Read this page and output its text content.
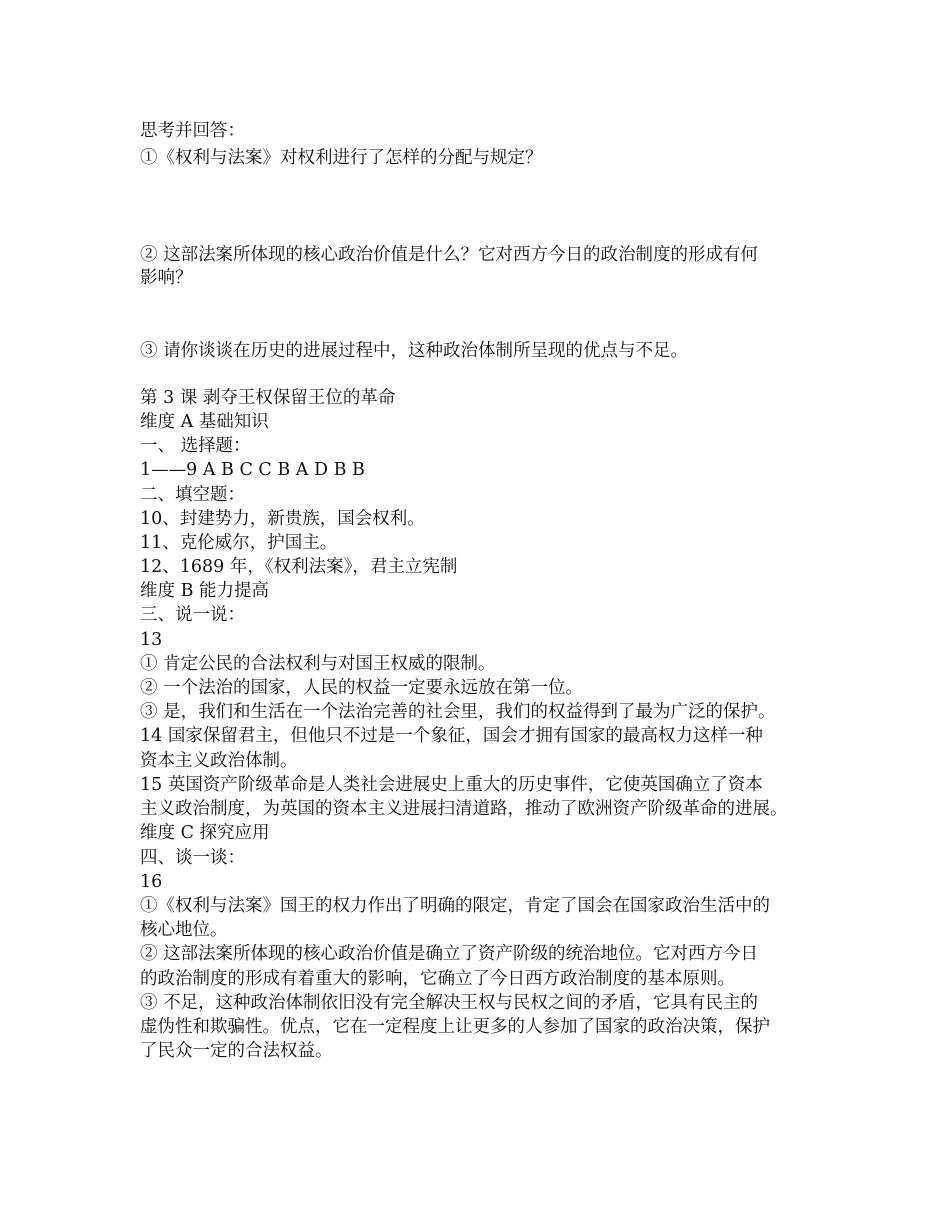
思考并回答：
①《权利与法案》对权利进行了怎样的分配与规定？
② 这部法案所体现的核心政治价值是什么？它对西方今日的政治制度的形成有何
影响？
③ 请你谈谈在历史的进展过程中，这种政治体制所呈现的优点与不足。
第 3 课 剥夺王权保留王位的革命
维度 A 基础知识
一、 选择题：
1——9 A B C C B A D B B
二、填空题：
10、封建势力，新贵族，国会权利。
11、克伦威尔，护国主。
12、1689 年，《权利法案》，君主立宪制
维度 B 能力提高
三、说一说：
13
① 肯定公民的合法权利与对国王权威的限制。
② 一个法治的国家，人民的权益一定要永远放在第一位。
③ 是，我们和生活在一个法治完善的社会里，我们的权益得到了最为广泛的保护。
14 国家保留君主，但他只不过是一个象征，国会才拥有国家的最高权力这样一种
资本主义政治体制。
15 英国资产阶级革命是人类社会进展史上重大的历史事件，它使英国确立了资本
主义政治制度，为英国的资本主义进展扫清道路，推动了欧洲资产阶级革命的进展。
维度 C 探究应用
四、谈一谈：
16
①《权利与法案》国王的权力作出了明确的限定，肯定了国会在国家政治生活中的
核心地位。
② 这部法案所体现的核心政治价值是确立了资产阶级的统治地位。它对西方今日
的政治制度的形成有着重大的影响，它确立了今日西方政治制度的基本原则。
③ 不足，这种政治体制依旧没有完全解决王权与民权之间的矛盾，它具有民主的
虚伪性和欺骗性。优点，它在一定程度上让更多的人参加了国家的政治决策，保护
了民众一定的合法权益。
